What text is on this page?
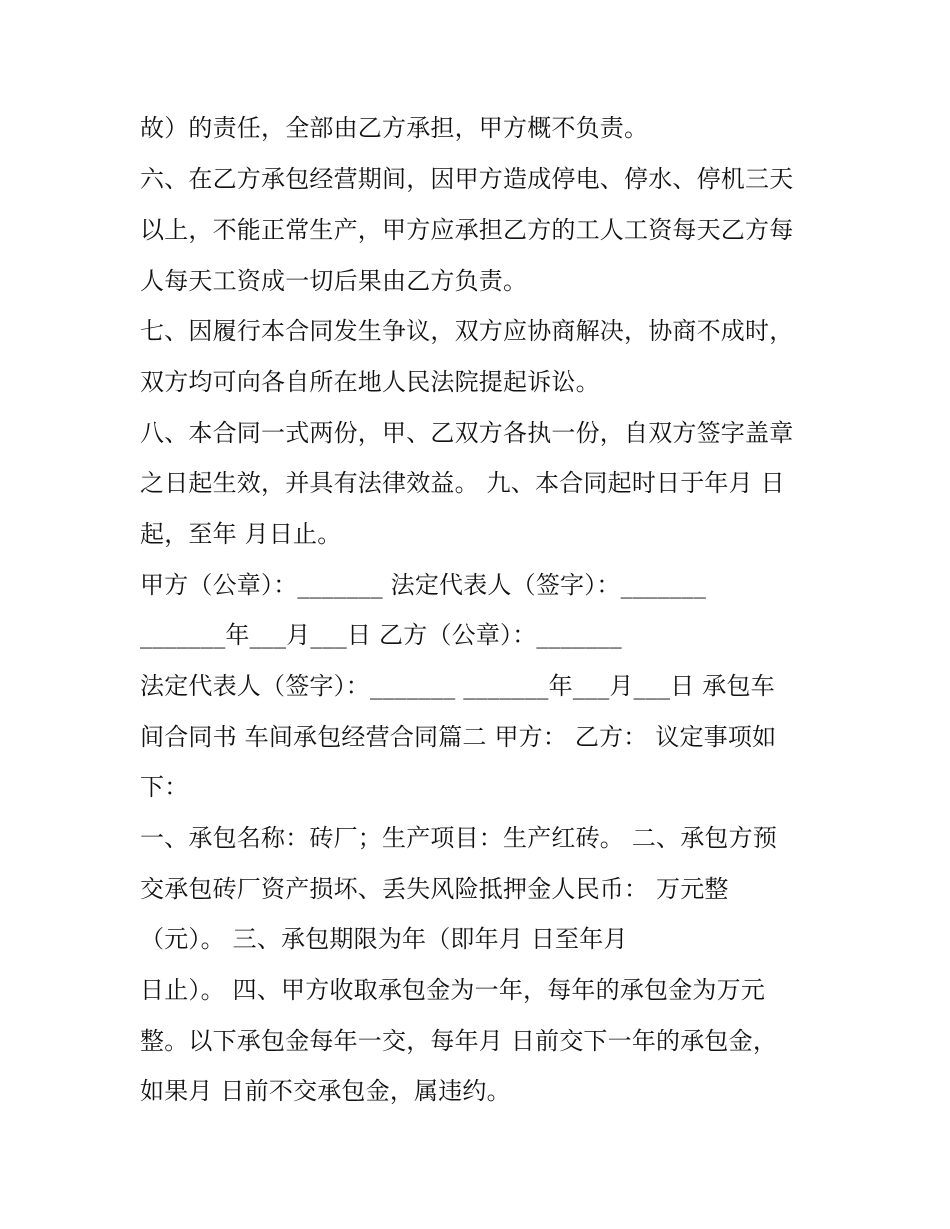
故）的责任，全部由乙方承担，甲方概不负责。
六、在乙方承包经营期间，因甲方造成停电、停水、停机三天
以上，不能正常生产，甲方应承担乙方的工人工资每天乙方每
人每天工资成一切后果由乙方负责。
七、因履行本合同发生争议，双方应协商解决，协商不成时，
双方均可向各自所在地人民法院提起诉讼。
八、本合同一式两份，甲、乙双方各执一份，自双方签字盖章
之日起生效，并具有法律效益。 九、本合同起时日于年月 日
起，至年 月日止。
甲方（公章）：_______ 法定代表人（签字）：_______
_______年___月___日 乙方（公章）：_______
法定代表人（签字）：_______ _______年___月___日 承包车
间合同书 车间承包经营合同篇二 甲方： 乙方： 议定事项如
下：
一、承包名称：砖厂；生产项目：生产红砖。 二、承包方预
交承包砖厂资产损坏、丢失风险抵押金人民币： 万元整
（元）。 三、承包期限为年（即年月 日至年月
日止）。 四、甲方收取承包金为一年，每年的承包金为万元
整。以下承包金每年一交，每年月 日前交下一年的承包金，
如果月 日前不交承包金，属违约。
